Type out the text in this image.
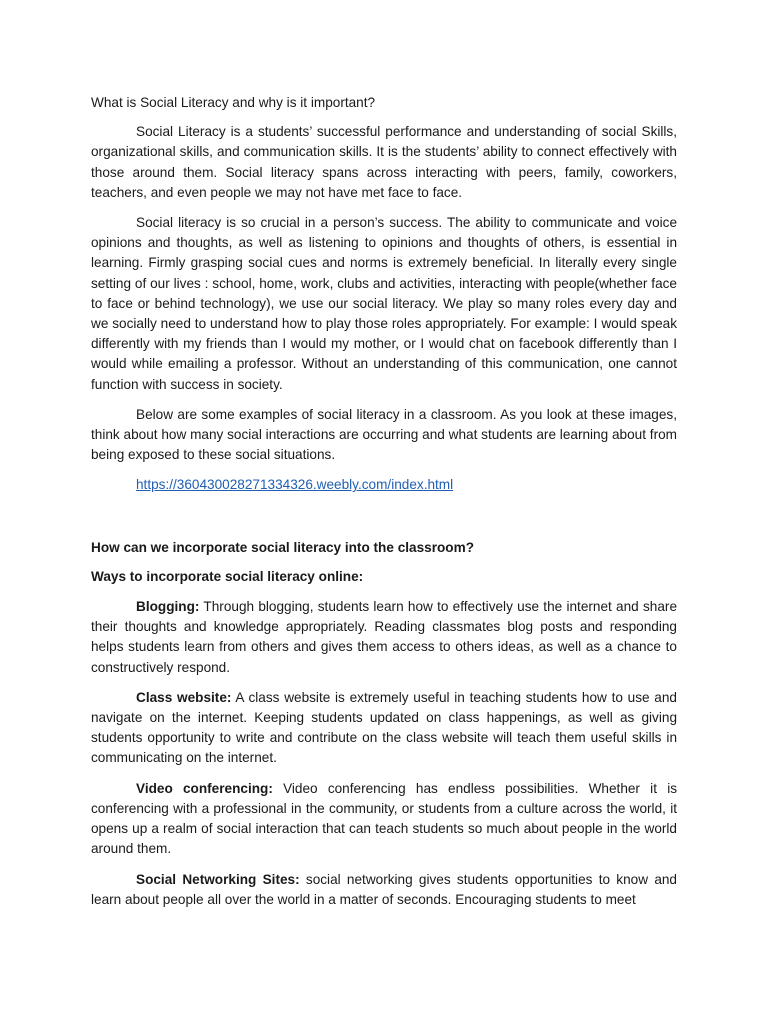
What is Social Literacy and why is it important?

Social Literacy is a students’ successful performance and understanding of social Skills, organizational skills, and communication skills. It is the students’ ability to connect effectively with those around them. Social literacy spans across interacting with peers, family, coworkers, teachers, and even people we may not have met face to face.

Social literacy is so crucial in a person’s success. The ability to communicate and voice opinions and thoughts, as well as listening to opinions and thoughts of others, is essential in learning. Firmly grasping social cues and norms is extremely beneficial. In literally every single setting of our lives : school, home, work, clubs and activities, interacting with people(whether face to face or behind technology), we use our social literacy. We play so many roles every day and we socially need to understand how to play those roles appropriately. For example: I would speak differently with my friends than I would my mother, or I would chat on facebook differently than I would while emailing a professor. Without an understanding of this communication, one cannot function with success in society.

Below are some examples of social literacy in a classroom. As you look at these images, think about how many social interactions are occurring and what students are learning about from being exposed to these social situations.

https://360430028271334326.weebly.com/index.html
How can we incorporate social literacy into the classroom?
Ways to incorporate social literacy online:

Blogging: Through blogging, students learn how to effectively use the internet and share their thoughts and knowledge appropriately. Reading classmates blog posts and responding helps students learn from others and gives them access to others ideas, as well as a chance to constructively respond.

Class website: A class website is extremely useful in teaching students how to use and navigate on the internet. Keeping students updated on class happenings, as well as giving students opportunity to write and contribute on the class website will teach them useful skills in communicating on the internet.

Video conferencing: Video conferencing has endless possibilities. Whether it is conferencing with a professional in the community, or students from a culture across the world, it opens up a realm of social interaction that can teach students so much about people in the world around them.

Social Networking Sites: social networking gives students opportunities to know and learn about people all over the world in a matter of seconds. Encouraging students to meet
